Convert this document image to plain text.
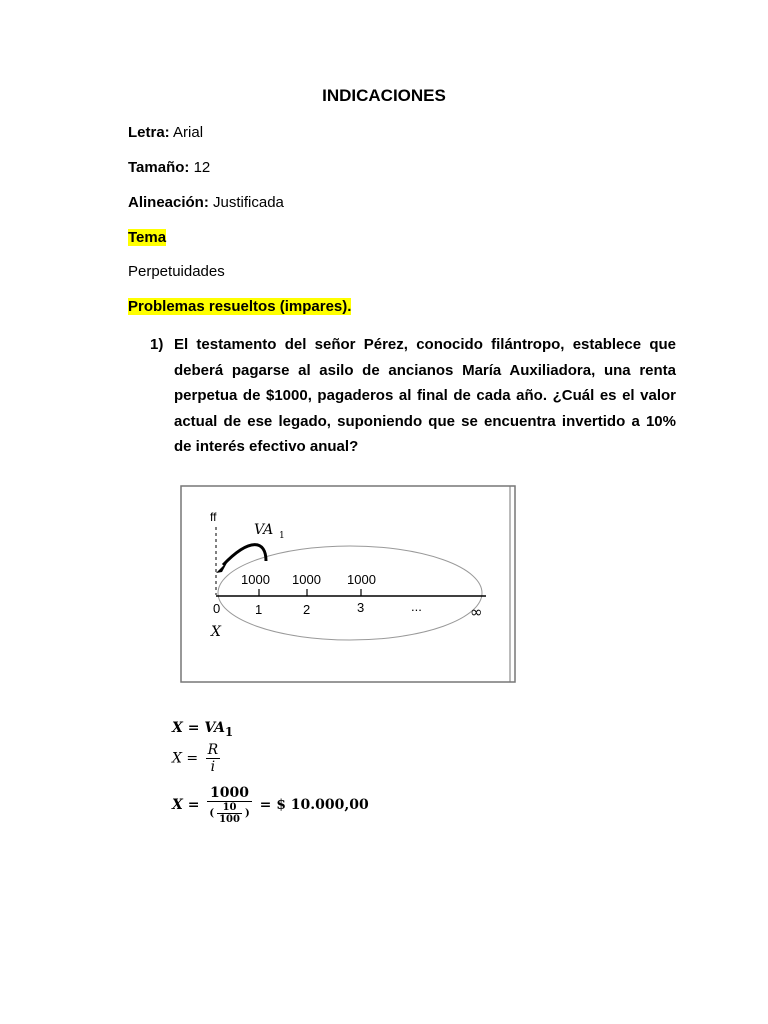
INDICACIONES
Letra: Arial
Tamaño: 12
Alineación: Justificada
Tema
Perpetuidades
Problemas resueltos (impares).
1) El testamento del señor Pérez, conocido filántropo, establece que deberá pagarse al asilo de ancianos María Auxiliadora, una renta perpetua de $1000, pagaderos al final de cada año. ¿Cuál es el valor actual de ese legado, suponiendo que se encuentra invertido a 10% de interés efectivo anual?
ff
VA 1
1000 1000 1000
0	1	2	3	...	∞
X
$X = VA_1$
$X = \frac{R}{i}$
$X = \frac{1000}{( \frac{10}{100} )}$ = $ 10.000,00
